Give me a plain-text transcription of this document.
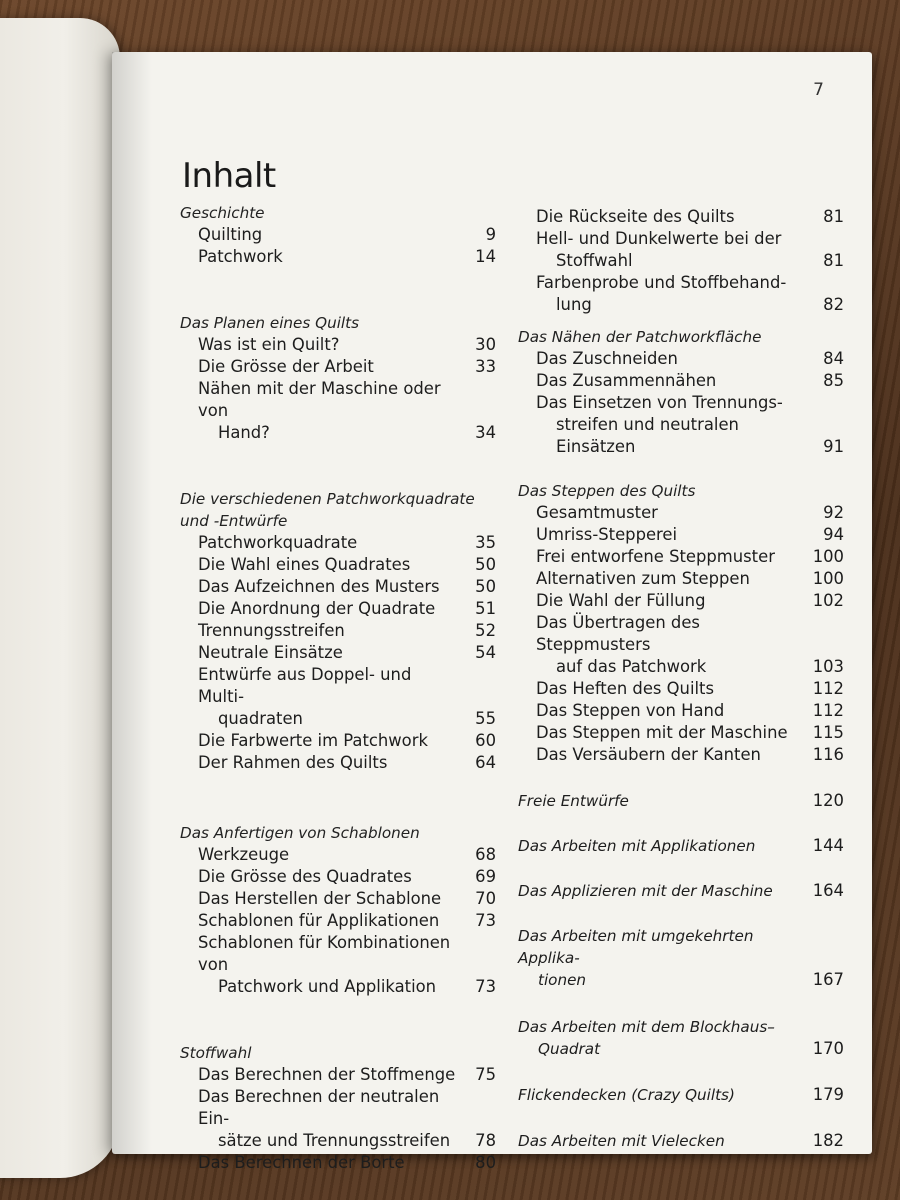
7
Inhalt
Geschichte
Quilting	9
Patchwork	14
Das Planen eines Quilts
Was ist ein Quilt?	30
Die Grösse der Arbeit	33
Nähen mit der Maschine oder von
Hand?	34
Die verschiedenen Patchworkquadrate
und -Entwürfe
Patchworkquadrate	35
Die Wahl eines Quadrates	50
Das Aufzeichnen des Musters	50
Die Anordnung der Quadrate	51
Trennungsstreifen	52
Neutrale Einsätze	54
Entwürfe aus Doppel- und Multi-
quadraten	55
Die Farbwerte im Patchwork	60
Der Rahmen des Quilts	64
Das Anfertigen von Schablonen
Werkzeuge	68
Die Grösse des Quadrates	69
Das Herstellen der Schablone	70
Schablonen für Applikationen	73
Schablonen für Kombinationen von
Patchwork und Applikation	73
Stoffwahl
Das Berechnen der Stoffmenge	75
Das Berechnen der neutralen Ein-
sätze und Trennungsstreifen	78
Das Berechnen der Borte	80
Die Rückseite des Quilts	81
Hell- und Dunkelwerte bei der
Stoffwahl	81
Farbenprobe und Stoffbehand-
lung	82
Das Nähen der Patchworkfläche
Das Zuschneiden	84
Das Zusammennähen	85
Das Einsetzen von Trennungs-
streifen und neutralen Einsätzen	91
Das Steppen des Quilts
Gesamtmuster	92
Umriss-Stepperei	94
Frei entworfene Steppmuster	100
Alternativen zum Steppen	100
Die Wahl der Füllung	102
Das Übertragen des Steppmusters
auf das Patchwork	103
Das Heften des Quilts	112
Das Steppen von Hand	112
Das Steppen mit der Maschine	115
Das Versäubern der Kanten	116
Freie Entwürfe	120
Das Arbeiten mit Applikationen	144
Das Applizieren mit der Maschine	164
Das Arbeiten mit umgekehrten Applika-
tionen	167
Das Arbeiten mit dem Blockhaus–
Quadrat	170
Flickendecken (Crazy Quilts)	179
Das Arbeiten mit Vielecken	182
